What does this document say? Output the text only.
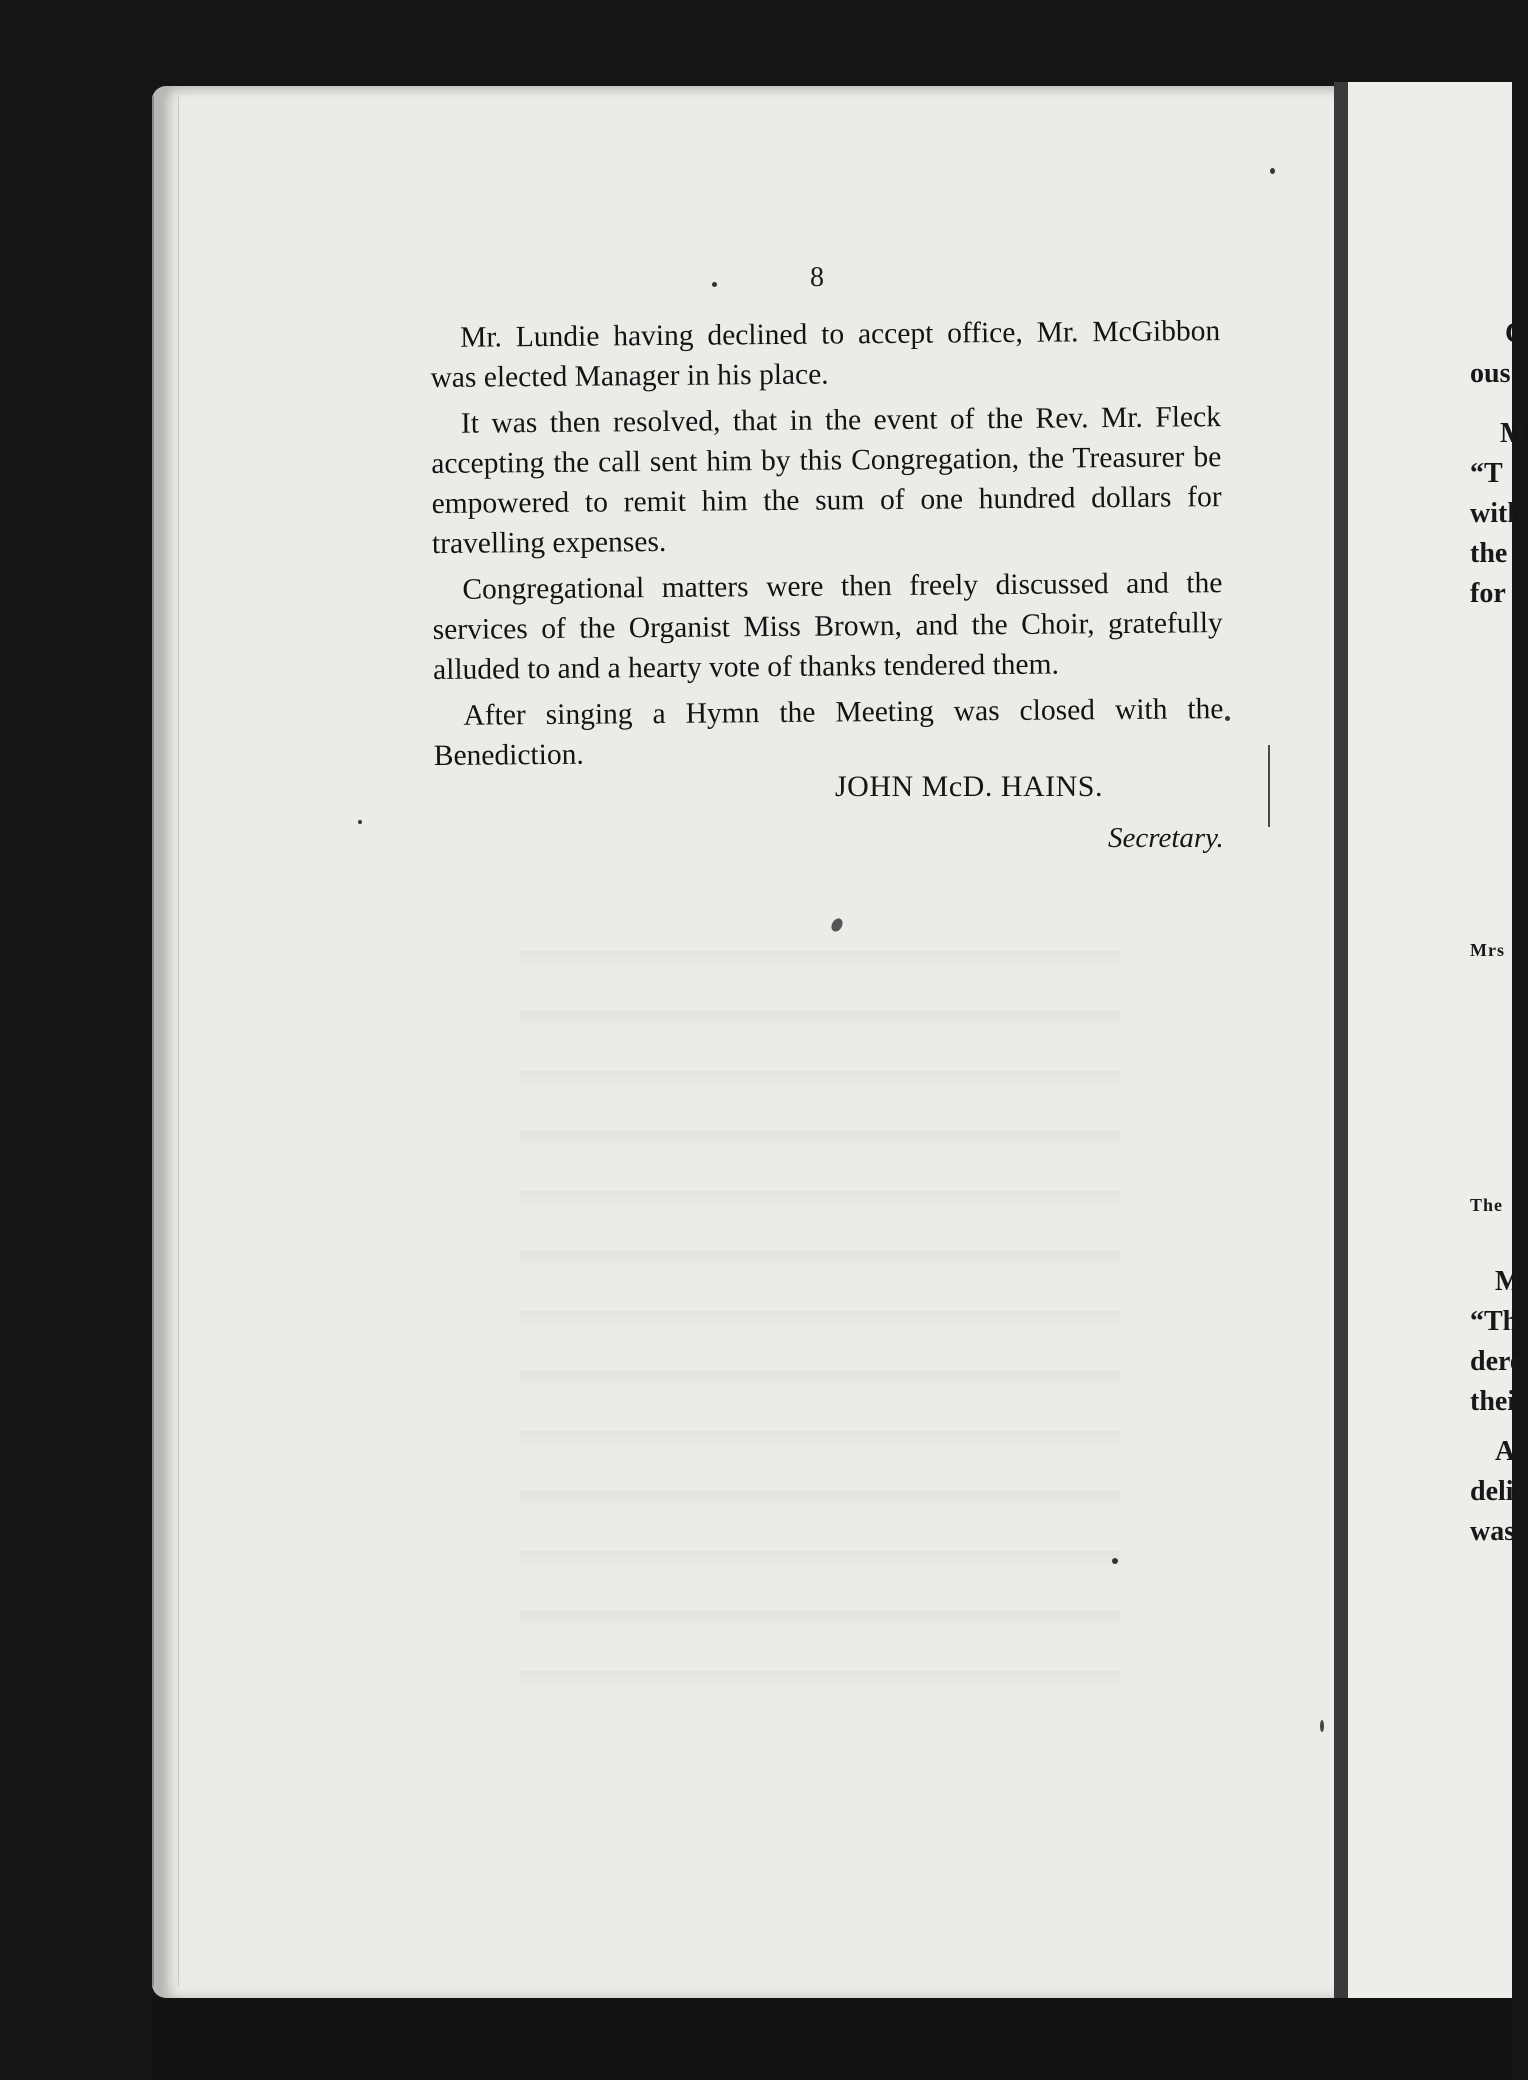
8

Mr. Lundie having declined to accept office, Mr. McGibbon was elected Manager in his place.

It was then resolved, that in the event of the Rev. Mr. Fleck accepting the call sent him by this Congregation, the Treasurer be empowered to remit him the sum of one hundred dollars for travelling expenses.

Congregational matters were then freely discussed and the services of the Organist Miss Brown, and the Choir, gratefully alluded to and a hearty vote of thanks tendered them.

After singing a Hymn the Meeting was closed with the Benediction.

JOHN McD. HAINS.
Secretary.
C
ous
M
“T
with
the
for
Mrs
The
M
“Th
dere
thei
A
deliv
was
